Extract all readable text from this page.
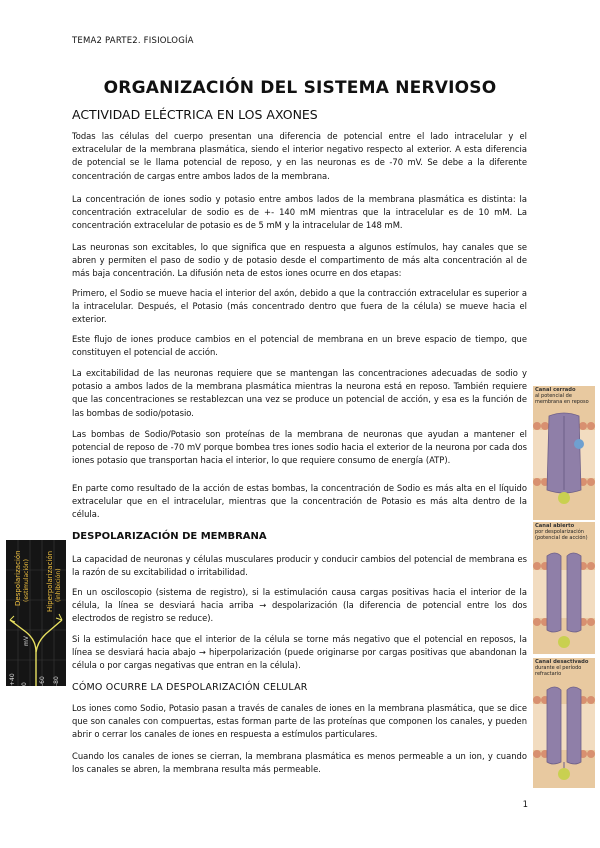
TEMA2 PARTE2. FISIOLOGÍA
ORGANIZACIÓN DEL SISTEMA NERVIOSO
ACTIVIDAD ELÉCTRICA EN LOS AXONES
Todas las células del cuerpo presentan una diferencia de potencial entre el lado intracelular y el extracelular de la membrana plasmática, siendo el interior negativo respecto al exterior. A esta diferencia de potencial se le llama potencial de reposo, y en las neuronas es de -70 mV. Se debe a la diferente concentración de cargas entre ambos lados de la membrana.
La concentración de iones sodio y potasio entre ambos lados de la membrana plasmática es distinta: la concentración extracelular de sodio es de +- 140 mM mientras que la intracelular es de 10 mM. La concentración extracelular de potasio es de 5 mM y la intracelular de 148 mM.
Las neuronas son excitables, lo que significa que en respuesta a algunos estímulos, hay canales que se abren y permiten el paso de sodio y de potasio desde el compartimento de más alta concentración al de más baja concentración. La difusión neta de estos iones ocurre en dos etapas:
Primero, el Sodio se mueve hacia el interior del axón, debido a que la contracción extracelular es superior a la intracelular. Después, el Potasio (más concentrado dentro que fuera de la célula) se mueve hacia el exterior.
Este flujo de iones produce cambios en el potencial de membrana en un breve espacio de tiempo, que constituyen el potencial de acción.
La excitabilidad de las neuronas requiere que se mantengan las concentraciones adecuadas de sodio y potasio a ambos lados de la membrana plasmática mientras la neurona está en reposo. También requiere que las concentraciones se restablezcan una vez se produce un potencial de acción, y esa es la función de las bombas de sodio/potasio.
Las bombas de Sodio/Potasio son proteínas de la membrana de neuronas que ayudan a mantener el potencial de reposo de -70 mV porque bombea tres iones sodio hacia el exterior de la neurona por cada dos iones potasio que transportan hacia el interior, lo que requiere consumo de energía (ATP).
En parte como resultado de la acción de estas bombas, la concentración de Sodio es más alta en el líquido extracelular que en el intracelular, mientras que la concentración de Potasio es más alta dentro de la célula.
DESPOLARIZACIÓN DE MEMBRANA
La capacidad de neuronas y células musculares producir y conducir cambios del potencial de membrana es la razón de su excitabilidad o irritabilidad.
En un osciloscopio (sistema de registro), si la estimulación causa cargas positivas hacia el interior de la célula, la línea se desviará hacia arriba → despolarización (la diferencia de potencial entre los dos electrodos de registro se reduce).
Si la estimulación hace que el interior de la célula se torne más negativo que el potencial en reposos, la línea se desviará hacia abajo → hiperpolarización (puede originarse por cargas positivas que abandonan la célula o por cargas negativas que entran en la célula).
CÓMO OCURRE LA DESPOLARIZACIÓN CELULAR
Los iones como Sodio, Potasio pasan a través de canales de iones en la membrana plasmática, que se dice que son canales con compuertas, estas forman parte de las proteínas que componen los canales, y pueden abrir o cerrar los canales de iones en respuesta a estímulos particulares.
Cuando los canales de iones se cierran, la membrana plasmática es menos permeable a un ion, y cuando los canales se abren, la membrana resulta más permeable.
1
Despolarización (estimulación) Hiperpolarización (inhibición)
mV
+40 0 -60 -80
Canal cerrado
al potencial de membrana en reposo
Canal abierto
por despolarización (potencial de acción)
Canal desactivado
durante el período refractario
